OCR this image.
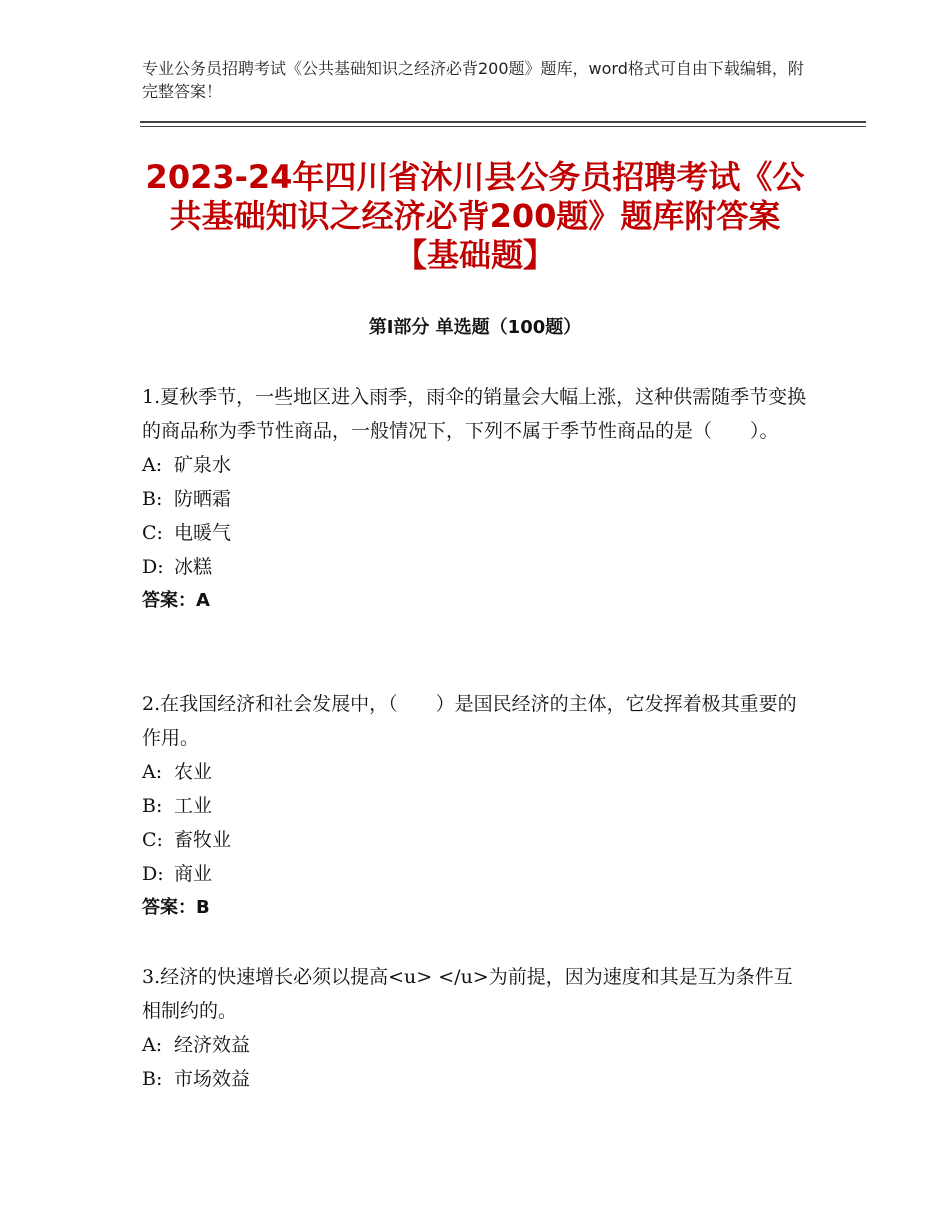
专业公务员招聘考试《公共基础知识之经济必背200题》题库，word格式可自由下载编辑，附完整答案！
2023-24年四川省沐川县公务员招聘考试《公共基础知识之经济必背200题》题库附答案【基础题】
第I部分 单选题（100题）

1.夏秋季节，一些地区进入雨季，雨伞的销量会大幅上涨，这种供需随季节变换的商品称为季节性商品，一般情况下，下列不属于季节性商品的是（　　）。

A: 矿泉水

B: 防晒霜

C: 电暖气

D: 冰糕

答案：A

2.在我国经济和社会发展中，（　　）是国民经济的主体，它发挥着极其重要的作用。

A: 农业

B: 工业

C: 畜牧业

D: 商业

答案：B

3.经济的快速增长必须以提高<u> </u>为前提，因为速度和其是互为条件互相制约的。

A: 经济效益

B: 市场效益
